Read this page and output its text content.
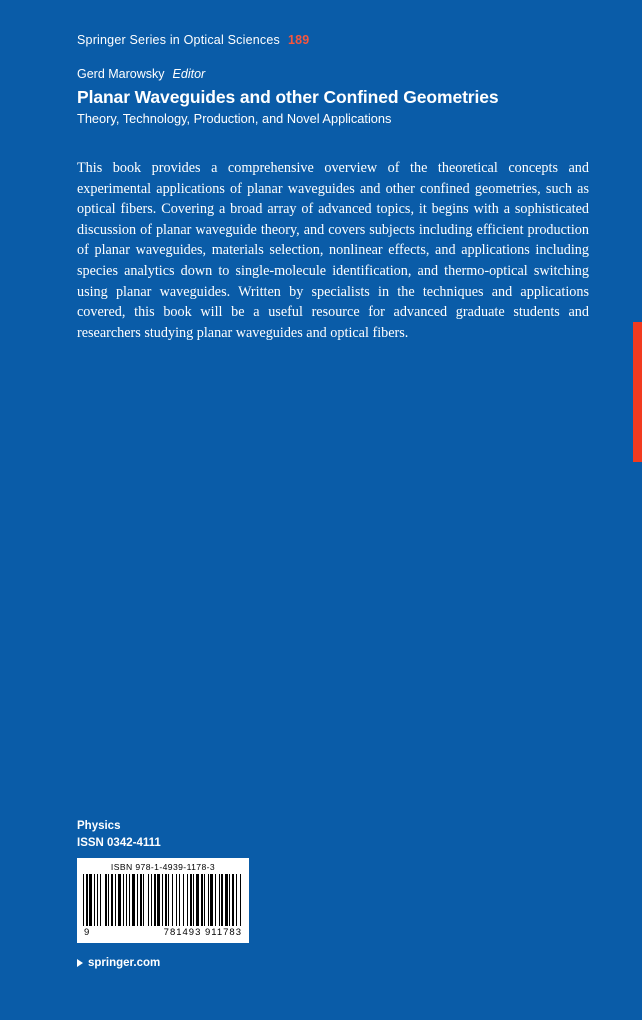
Springer Series in Optical Sciences 189
Gerd Marowsky Editor
Planar Waveguides and other Confined Geometries
Theory, Technology, Production, and Novel Applications
This book provides a comprehensive overview of the theoretical concepts and experimental applications of planar waveguides and other confined geometries, such as optical fibers. Covering a broad array of advanced topics, it begins with a sophisticated discussion of planar waveguide theory, and covers subjects including efficient production of planar waveguides, materials selection, nonlinear effects, and applications including species analytics down to single-molecule identification, and thermo-optical switching using planar waveguides. Written by specialists in the techniques and applications covered, this book will be a useful resource for advanced graduate students and researchers studying planar waveguides and optical fibers.
Physics
ISSN 0342-4111
ISBN 978-1-4939-1178-3
9	781493 911783
springer.com
